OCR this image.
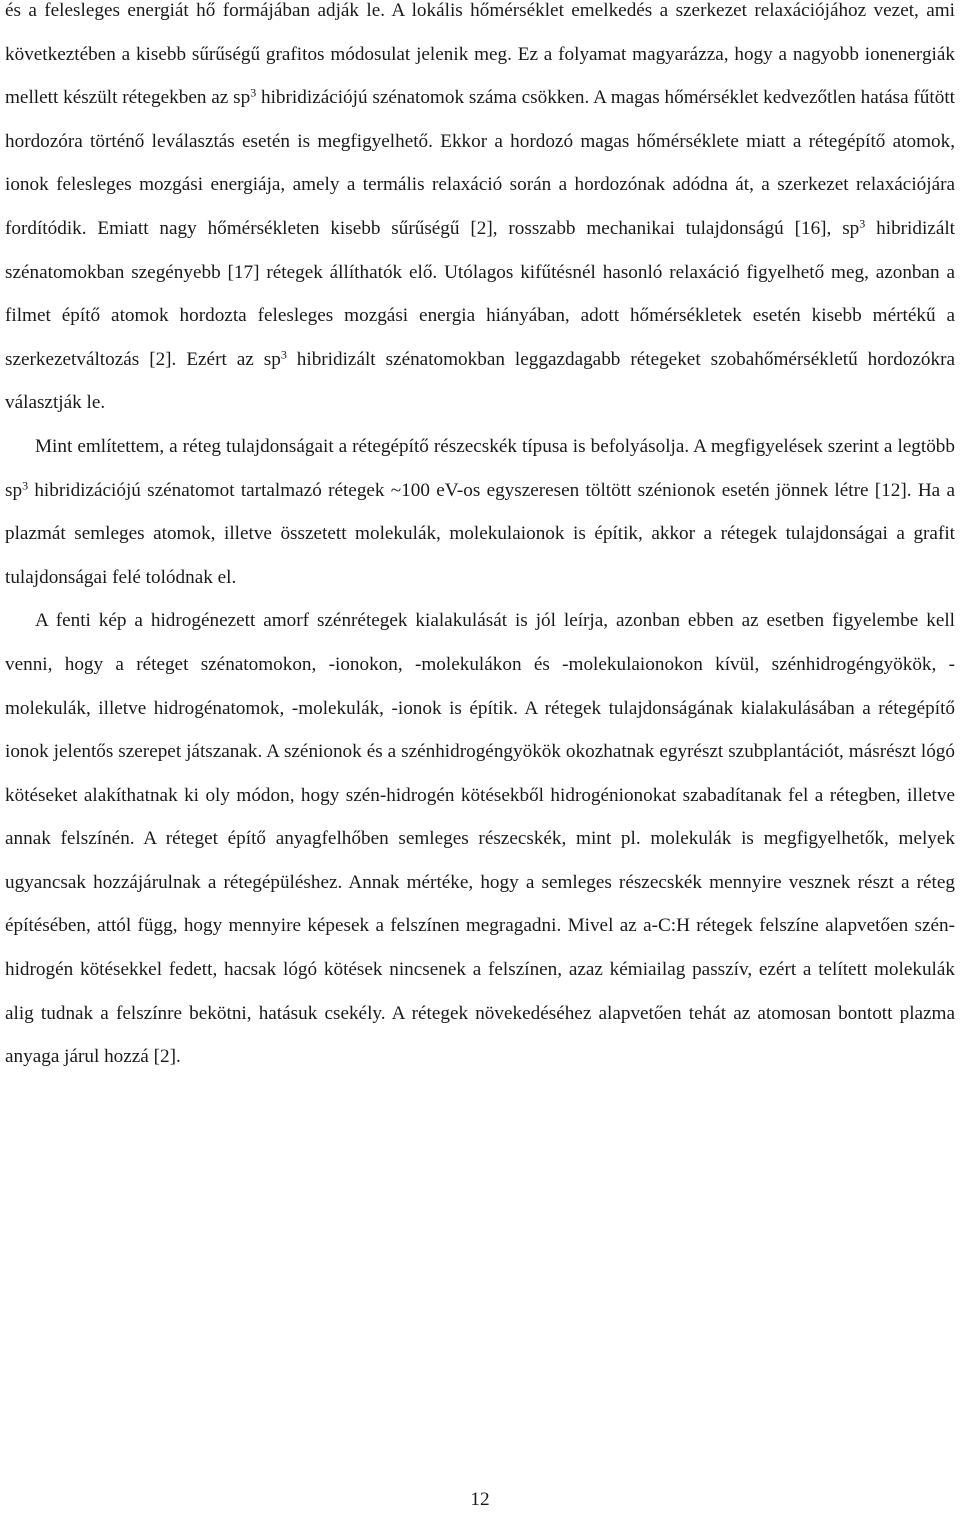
és a felesleges energiát hő formájában adják le. A lokális hőmérséklet emelkedés a szerkezet relaxációjához vezet, ami következtében a kisebb sűrűségű grafitos módosulat jelenik meg. Ez a folyamat magyarázza, hogy a nagyobb ionenergiák mellett készült rétegekben az $sp^3$ hibridizációjú szénatomok száma csökken. A magas hőmérséklet kedvezőtlen hatása fűtött hordozóra történő leválasztás esetén is megfigyelhető. Ekkor a hordozó magas hőmérséklete miatt a rétegépítő atomok, ionok felesleges mozgási energiája, amely a termális relaxáció során a hordozónak adódna át, a szerkezet relaxációjára fordítódik. Emiatt nagy hőmérsékleten kisebb sűrűségű [2], rosszabb mechanikai tulajdonságú [16], $sp^3$ hibridizált szénatomokban szegényebb [17] rétegek állíthatók elő. Utólagos kifűtésnél hasonló relaxáció figyelhető meg, azonban a filmet építő atomok hordozta felesleges mozgási energia hiányában, adott hőmérsékletek esetén kisebb mértékű a szerkezetváltozás [2]. Ezért az $sp^3$ hibridizált szénatomokban leggazdagabb rétegeket szobahőmérsékletű hordozókra választják le.

Mint említettem, a réteg tulajdonságait a rétegépítő részecskék típusa is befolyásolja. A megfigyelések szerint a legtöbb $sp^3$ hibridizációjú szénatomot tartalmazó rétegek ~100 eV-os egyszeresen töltött szénionok esetén jönnek létre [12]. Ha a plazmát semleges atomok, illetve összetett molekulák, molekulaionok is építik, akkor a rétegek tulajdonságai a grafit tulajdonságai felé tolódnak el.

A fenti kép a hidrogénezett amorf szénrétegek kialakulását is jól leírja, azonban ebben az esetben figyelembe kell venni, hogy a réteget szénatomokon, -ionokon, -molekulákon és -molekulaionokon kívül, szénhidrogéngyökök, -molekulák, illetve hidrogénatomok, -molekulák, -ionok is építik. A rétegek tulajdonságának kialakulásában a rétegépítő ionok jelentős szerepet játszanak. A szénionok és a szénhidrogéngyökök okozhatnak egyrészt szubplantációt, másrészt lógó kötéseket alakíthatnak ki oly módon, hogy szén-hidrogén kötésekből hidrogénionokat szabadítanak fel a rétegben, illetve annak felszínén. A réteget építő anyagfelhőben semleges részecskék, mint pl. molekulák is megfigyelhetők, melyek ugyancsak hozzájárulnak a rétegépüléshez. Annak mértéke, hogy a semleges részecskék mennyire vesznek részt a réteg építésében, attól függ, hogy mennyire képesek a felszínen megragadni. Mivel az a-C:H rétegek felszíne alapvetően szén-hidrogén kötésekkel fedett, hacsak lógó kötések nincsenek a felszínen, azaz kémiailag passzív, ezért a telített molekulák alig tudnak a felszínre bekötni, hatásuk csekély. A rétegek növekedéséhez alapvetően tehát az atomosan bontott plazma anyaga járul hozzá [2].

12
